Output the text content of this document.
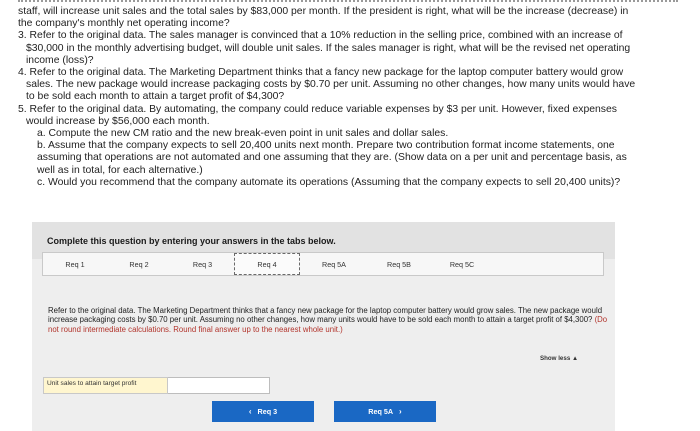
staff, will increase unit sales and the total sales by $83,000 per month. If the president is right, what will be the increase (decrease) in

the company's monthly net operating income?

3. Refer to the original data. The sales manager is convinced that a 10% reduction in the selling price, combined with an increase of

$30,000 in the monthly advertising budget, will double unit sales. If the sales manager is right, what will be the revised net operating

income (loss)?

4. Refer to the original data. The Marketing Department thinks that a fancy new package for the laptop computer battery would grow

sales. The new package would increase packaging costs by $0.70 per unit. Assuming no other changes, how many units would have

to be sold each month to attain a target profit of $4,300?

5. Refer to the original data. By automating, the company could reduce variable expenses by $3 per unit. However, fixed expenses

would increase by $56,000 each month.

a. Compute the new CM ratio and the new break-even point in unit sales and dollar sales.

b. Assume that the company expects to sell 20,400 units next month. Prepare two contribution format income statements, one

assuming that operations are not automated and one assuming that they are. (Show data on a per unit and percentage basis, as

well as in total, for each alternative.)

c. Would you recommend that the company automate its operations (Assuming that the company expects to sell 20,400 units)?

Complete this question by entering your answers in the tabs below.
Req 1	Req 2	Req 3	Req 4	Req 5A	Req 5B	Req 5C
Refer to the original data. The Marketing Department thinks that a fancy new package for the laptop computer battery would grow sales. The new package would increase packaging costs by $0.70 per unit. Assuming no other changes, how many units would have to be sold each month to attain a target profit of $4,300? (Do not round intermediate calculations. Round final answer up to the nearest whole unit.)
Show less ▲
Unit sales to attain target profit
‹ Req 3	Req 5A ›
